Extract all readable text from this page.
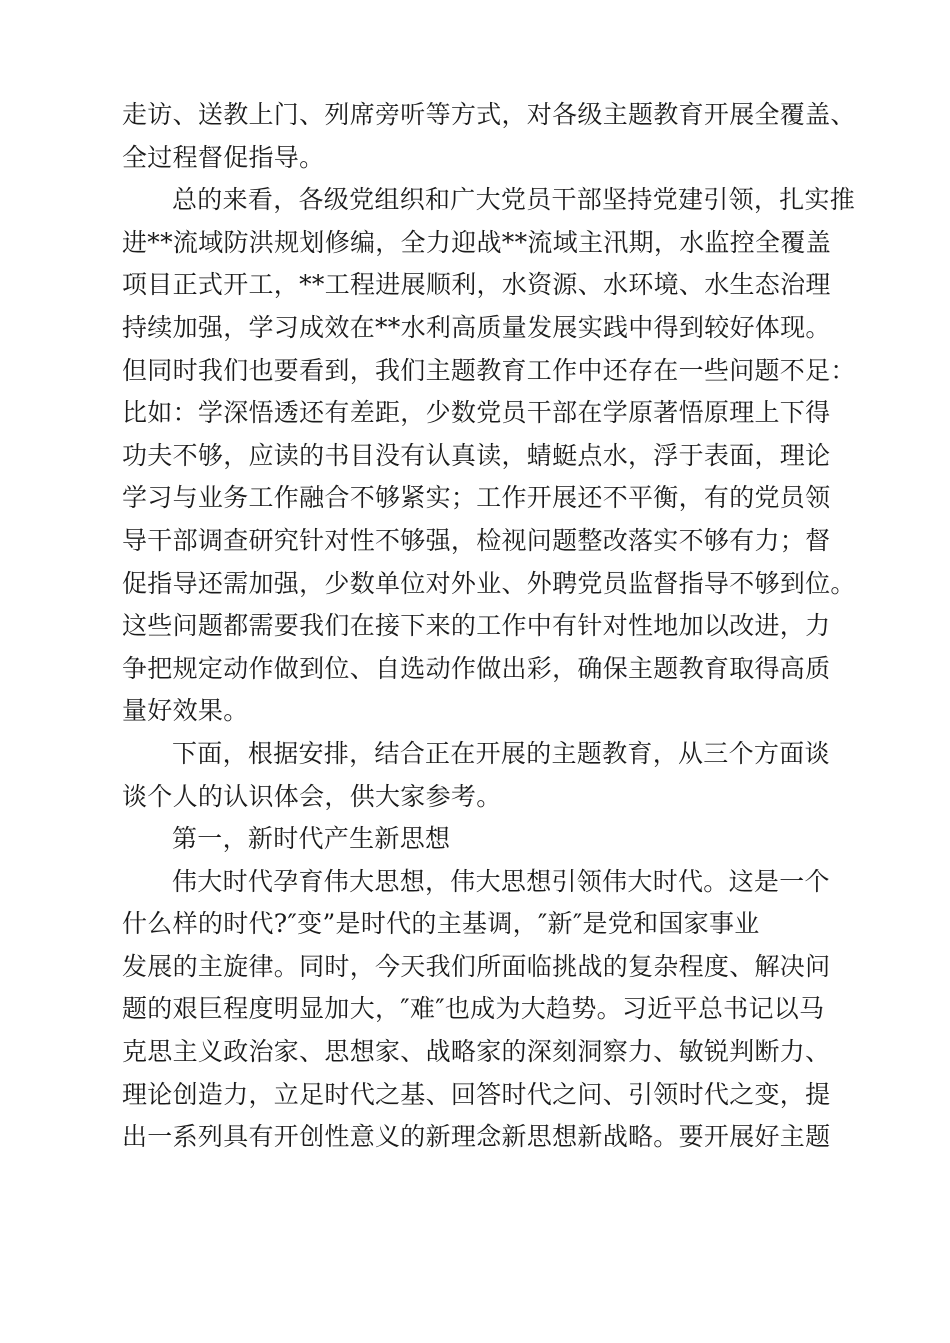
走访、送教上门、列席旁听等方式，对各级主题教育开展全覆盖、
全过程督促指导。
总的来看，各级党组织和广大党员干部坚持党建引领，扎实推
进**流域防洪规划修编，全力迎战**流域主汛期，水监控全覆盖
项目正式开工，**工程进展顺利，水资源、水环境、水生态治理
持续加强，学习成效在**水利高质量发展实践中得到较好体现。
但同时我们也要看到，我们主题教育工作中还存在一些问题不足：
比如：学深悟透还有差距，少数党员干部在学原著悟原理上下得
功夫不够，应读的书目没有认真读，蜻蜓点水，浮于表面，理论
学习与业务工作融合不够紧实；工作开展还不平衡，有的党员领
导干部调查研究针对性不够强，检视问题整改落实不够有力；督
促指导还需加强，少数单位对外业、外聘党员监督指导不够到位。
这些问题都需要我们在接下来的工作中有针对性地加以改进，力
争把规定动作做到位、自选动作做出彩，确保主题教育取得高质
量好效果。
下面，根据安排，结合正在开展的主题教育，从三个方面谈
谈个人的认识体会，供大家参考。
第一，新时代产生新思想
伟大时代孕育伟大思想，伟大思想引领伟大时代。这是一个
什么样的时代?″变”是时代的主基调，″新″是党和国家事业
发展的主旋律。同时，今天我们所面临挑战的复杂程度、解决问
题的艰巨程度明显加大，″难″也成为大趋势。习近平总书记以马
克思主义政治家、思想家、战略家的深刻洞察力、敏锐判断力、
理论创造力，立足时代之基、回答时代之问、引领时代之变，提
出一系列具有开创性意义的新理念新思想新战略。要开展好主题
